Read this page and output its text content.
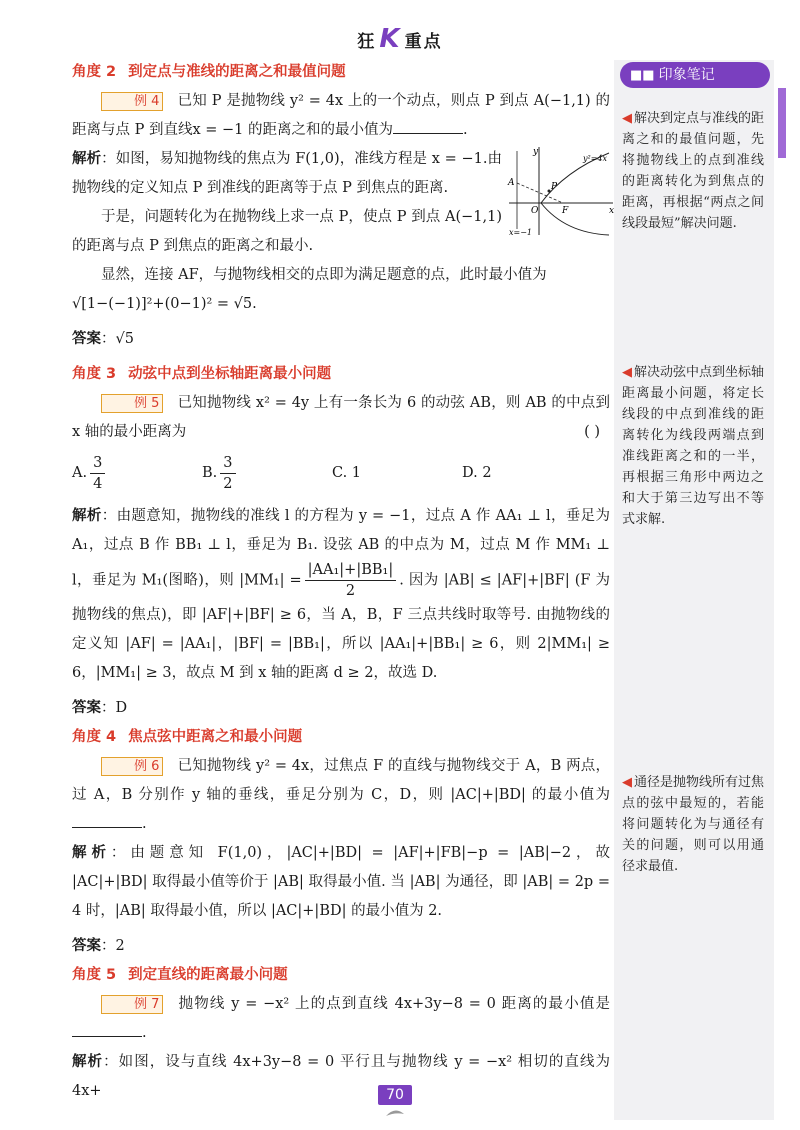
狂 K 重点
■■ 印象笔记
◀ 解决到定点与准线的距离之和的最值问题，先将抛物线上的点到准线的距离转化为到焦点的距离，再根据“两点之间线段最短”解决问题.
◀ 解决动弦中点到坐标轴距离最小问题，将定长线段的中点到准线的距离转化为线段两端点到准线距离之和的一半，再根据三角形中两边之和大于第三边写出不等式求解.
◀ 通径是抛物线所有过焦点的弦中最短的，若能将问题转化为与通径有关的问题，则可以用通径求最值.
y
x
O
A	P
F
y²=4x
x=−1
角度 2 到定点与准线的距离之和最值问题

例 4 已知 P 是抛物线 y² = 4x 上的一个动点，则点 P 到点 A(−1,1) 的距离与点 P 到直线x = −1 的距离之和的最小值为	.

解析：如图，易知抛物线的焦点为 F(1,0)，准线方程是 x = −1.由抛物线的定义知点 P 到准线的距离等于点 P 到焦点的距离.

于是，问题转化为在抛物线上求一点 P，使点 P 到点 A(−1,1)的距离与点 P 到焦点的距离之和最小.

显然，连接 AF，与抛物线相交的点即为满足题意的点，此时最小值为

√[1−(−1)]²+(0−1)² = √5.

答案：√5

角度 3 动弦中点到坐标轴距离最小问题

例 5 已知抛物线 x² = 4y 上有一条长为 6 的动弦 AB，则 AB 的中点到 x 轴的最小距离为	( )

A. $\frac{3}{4}$	B. $\frac{3}{2}$	C. 1	D. 2

解析：由题意知，抛物线的准线 l 的方程为 y = −1，过点 A 作 AA₁ ⊥ l，垂足为 A₁，过点 B 作 BB₁ ⊥ l，垂足为 B₁. 设弦 AB 的中点为 M，过点 M 作 MM₁ ⊥ l，垂足为 M₁(图略)，则 $|MM_1| = \frac{\text{|AA₁|+|BB₁|}}{2}$ . 因为 |AB| ≤ |AF|+|BF| (F 为抛物线的焦点)，即 |AF|+|BF| ≥ 6，当 A，B，F 三点共线时取等号. 由抛物线的定义知 |AF| = |AA₁|，|BF| = |BB₁|，所以 |AA₁|+|BB₁| ≥ 6，则 2|MM₁| ≥ 6，|MM₁| ≥ 3，故点 M 到 x 轴的距离 d ≥ 2，故选 D.

答案：D

角度 4 焦点弦中距离之和最小问题

例 6 已知抛物线 y² = 4x，过焦点 F 的直线与抛物线交于 A，B 两点，过 A，B 分别作 y 轴的垂线，垂足分别为 C，D，则 |AC|+|BD| 的最小值为.

解析：由题意知 F(1,0)，|AC|+|BD| = |AF|+|FB|−p = |AB|−2，故 |AC|+|BD| 取得最小值等价于 |AB| 取得最小值. 当 |AB| 为通径，即 |AB| = 2p = 4 时，|AB| 取得最小值，所以 |AC|+|BD| 的最小值为 2.

答案：2

角度 5 到定直线的距离最小问题

例 7 抛物线 y = −x² 上的点到直线 4x+3y−8 = 0 距离的最小值是.

解析：如图，设与直线 4x+3y−8 = 0 平行且与抛物线 y = −x² 相切的直线为 4x+	70
